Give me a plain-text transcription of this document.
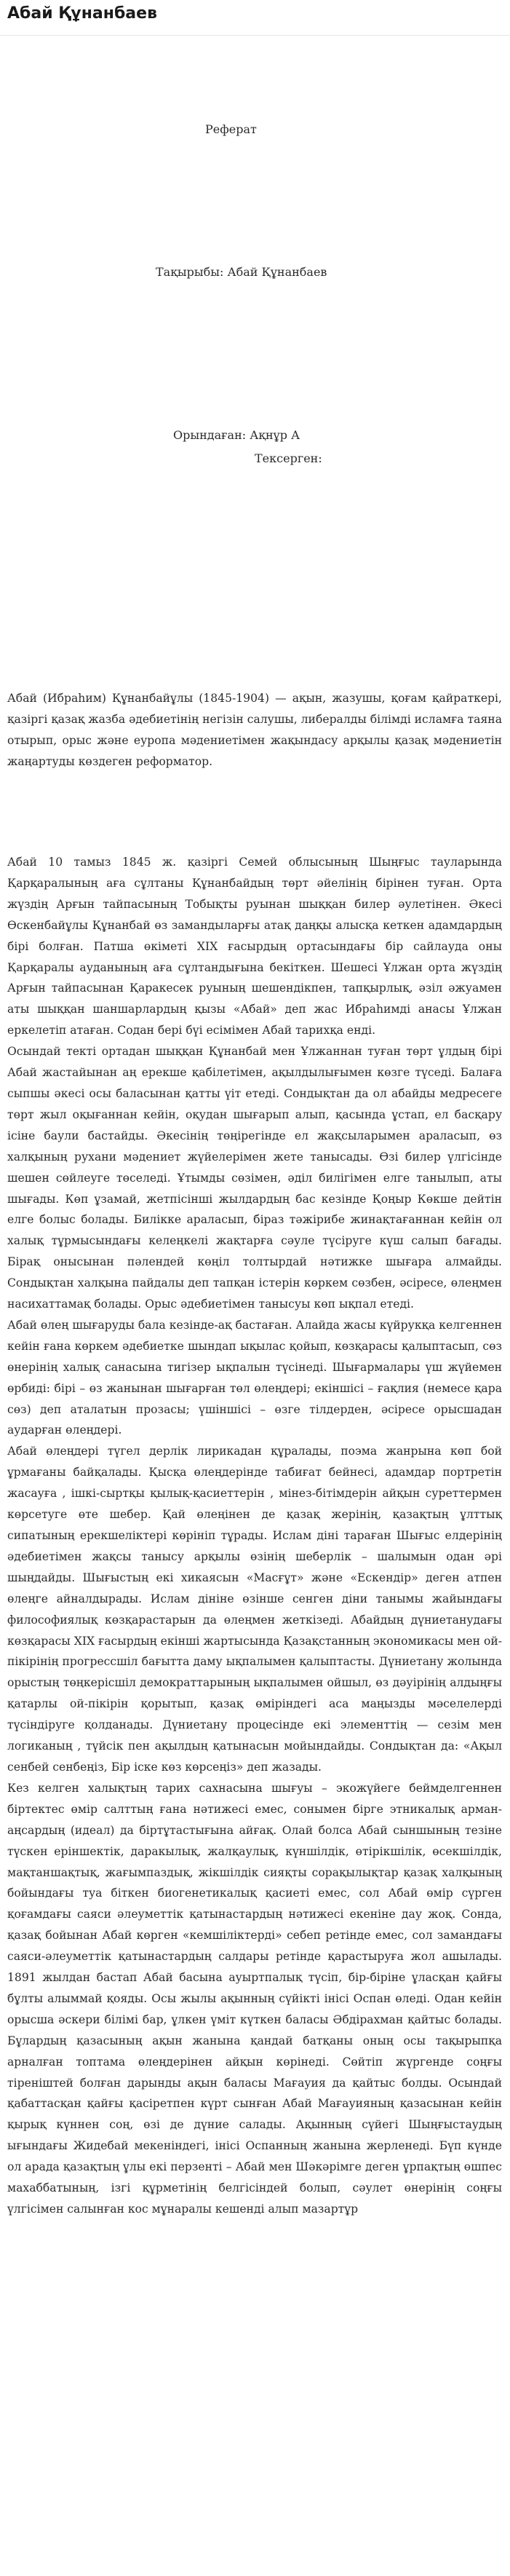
Абай Құнанбаев
Реферат
Тақырыбы: Абай Құнанбаев
Орындаған: Ақнұр А
Тексерген:

Абай (Ибраһим) Құнанбайұлы (1845-1904) — ақын, жазушы, қоғам қайраткері, қазіргі қазақ жазба әдебиетінің негізін салушы, либералды білімді исламға таяна отырып, орыс және еуропа мәдениетімен жақындасу арқылы қазақ мәдениетін жаңартуды көздеген реформатор.

Абай 10 тамыз 1845 ж. қазіргі Семей облысының Шыңғыс тауларында Қарқаралының аға сұлтаны Құнанбайдың төрт әйелінің бірінен туған. Орта жүздің Арғын тайпасының Тобықты руынан шыққан билер әулетінен. Әкесі Өскенбайұлы Құнанбай өз замандыларғы атақ даңқы алысқа кеткен адамдардың бірі болған. Патша өкіметі XIX ғасырдың ортасындағы бір сайлауда оны Қарқаралы ауданының аға сұлтандығына бекіткен. Шешесі Ұлжан орта жүздің Арғын тайпасынан Қаракесек руының шешендікпен, тапқырлық, әзіл әжуамен аты шыққан шаншарлардың қызы «Абай» деп жас Ибраһимді анасы Ұлжан еркелетіп атаған. Содан бері бүі есімімен Абай тарихқа енді.

Осындай текті ортадан шыққан Құнанбай мен Ұлжаннан туған төрт ұлдың бірі Абай жастайынан аң ерекше қабілетімен, ақылдылығымен көзге түседі. Балаға сыпшы әкесі осы баласынан қатты үіт етеді. Сондықтан да ол абайды медресеге төрт жыл оқығаннан кейін, оқудан шығарып алып, қасында ұстап, ел басқару ісіне баули бастайды. Әкесінің төңірегінде ел жақсыларымен араласып, өз халқының рухани мәдениет жүйелерімен жете танысады. Өзі билер үлгісінде шешен сөйлеуге төселеді. Ұтымды сөзімен, әділ билігімен елге танылып, аты шығады. Көп ұзамай, жетпісінші жылдардың бас кезінде Қоңыр Көкше дейтін елге болыс болады. Билікке араласып, біраз тәжірибе жинақтағаннан кейін ол халық тұрмысындағы келеңкелі жақтарға сәуле түсіруге күш салып бағады. Бірақ оныcынан пәлендей көңіл толтырдай нәтижке шығара алмайды. Сондықтан халқына пайдалы деп тапқан істерін көркем сөзбен, әсіресе, өлеңмен насихаттамақ болады. Орыс әдебиетімен танысуы көп ықпал етеді.

Абай өлең шығаруды бала кезінде-ақ бастаған. Алайда жасы күйрукқа келгеннен кейін ғана көркем әдебиетке шындап ықылас қойып, көзқарасы қалыптасып, сөз өнерінің халық санасына тигізер ықпалын түсінеді. Шығармалары үш жүйемен өрбиді: бірі – өз жанынан шығарған төл өлеңдері; екіншісі – ғақлия (немесе қара сөз) деп аталатын прозасы; үшіншісі – өзге тілдерден, әсіресе орысшадан аударған өлеңдері.

Абай өлеңдері түгел дерлік лирикадан құралады, поэма жанрына көп бой ұрмағаны байқалады. Қысқа өлеңдерінде табиғат бейнесі, адамдар портретін жасауға , ішкі-сыртқы қылық-қасиеттерін , мінез-бітімдерін айқын суреттермен көрсетуге өте шебер. Қай өлеңінен де қазақ жерінің, қазақтың ұлттық сипатының ерекшеліктері көрініп тұрады. Ислам діні тараған Шығыс елдерінің әдебиетімен жақсы танысу арқылы өзінің шеберлік – шалымын одан әрі шыңдайды. Шығыстың екі хикаясын «Масғұт» және «Ескендір» деген атпен өлеңге айналдырады. Ислам дініне өзінше сенген діни танымы жайындағы философиялық көзқарастарын да өлеңмен жеткізеді. Абайдың дүниетанудағы көзқарасы XIX ғасырдың екінші жартысында Қазақстанның экономикасы мен ой-пікірінің прогрессшіл бағытта даму ықпалымен қалыптасты. Дүниетану жолында орыстың төңкерісшіл демократтарының ықпалымен ойшыл, өз дәуірінің алдыңғы қатарлы ой-пікірін қорытып, қазақ өміріндегі аса маңызды мәселелерді түсіндіруге қолданады. Дүниетану процесінде екі элементтің — сезім мен логиканың , түйсік пен ақылдың қатынасын мойындайды. Сондықтан да: «Ақыл сенбей сенбеңіз, Бір іске көз көрсеңіз» деп жазады.

Кез келген халықтың тарих сахнасына шығуы – экожүйеге беймделгеннен біртектес өмір салттың ғана нәтижесі емес, сонымен бірге этникалық арман-аңсардың (идеал) да біртұтастығына айғақ. Олай болса Абай сыншының тезіне түскен еріншектік, даракылық, жалқаулық, күншілдік, өтірікшілік, өсекшілдік, мақтаншақтық, жағымпаздық, жікшілдік сияқты сорақылықтар қазақ халқының бойындағы туа біткен биогенетикалық қасиеті емес, сол Абай өмір сүрген қоғамдағы саяси әлеуметтік қатынастардың нәтижесі екеніне дау жоқ. Сонда, қазақ бойынан Абай көрген «кемшіліктерді» себеп ретінде емес, сол замандағы саяси-әлеуметтік қатынастардың салдары ретінде қарастыруға жол ашылады. 1891 жылдан бастап Абай басына ауыртпалық түсіп, бір-біріне ұласқан қайғы бұлты алыммай қояды. Осы жылы ақынның сүйікті інісі Оспан өледі. Одан кейін орысша әскери білімі бар, ұлкен үміт күткен баласы Әбдірахман қайтыс болады. Бұлардың қазасының ақын жанына қандай батқаны оның осы тақырыпқа арналған топтама өлеңдерінен айқын көрінеді. Сөйтіп жүргенде соңғы тіреніштей болған дарынды ақын баласы Мағауия да қайтыс болды. Осындай қабаттасқан қайғы қасіретпен күрт сынған Абай Мағауияның қазасынан кейін қырық күннен соң, өзі де дүние салады. Ақынның сүйегі Шыңғыстаудың ығындағы Жидебай мекеніндегі, інісі Оспанның жанына жерленеді. Бүп күнде ол арада қазақтың ұлы екі перзенті – Абай мен Шәкәрімге деген ұрпақтың өшпес махаббатының, ізгі құрметінің белгісіндей болып, сәулет өнерінің соңғы үлгісімен салынған кос мұнаралы кешенді алып мазартұр
